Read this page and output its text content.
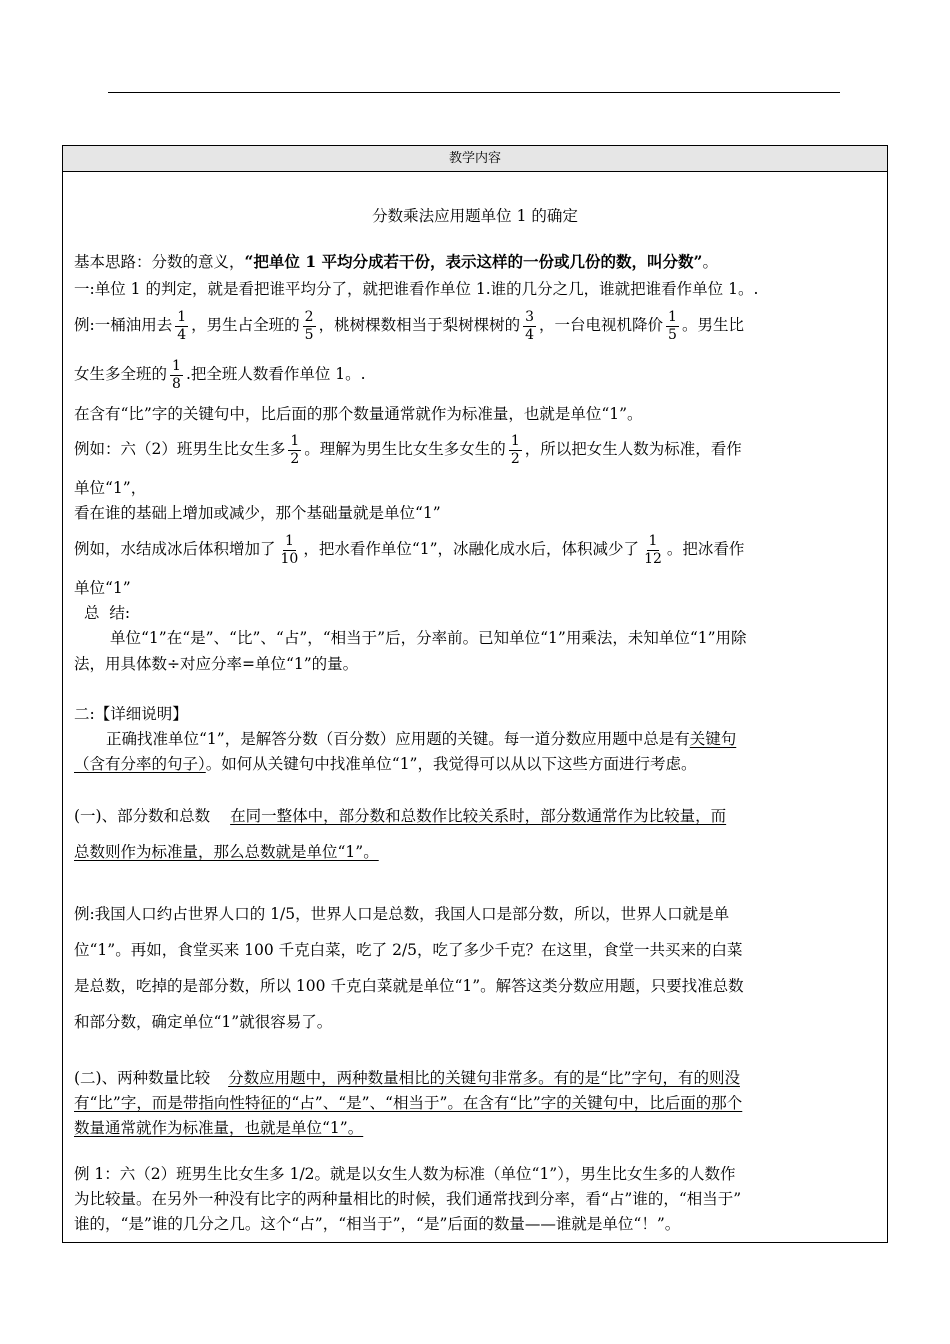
教学内容
分数乘法应用题单位 1 的确定
基本思路：分数的意义，“把单位 1 平均分成若干份，表示这样的一份或几份的数，叫分数”。
一:单位 1 的判定，就是看把谁平均分了，就把谁看作单位 1.谁的几分之几，谁就把谁看作单位 1。.
例:一桶油用去 $\frac{1}{4}$ ，男生占全班的 $\frac{2}{5}$ ，桃树棵数相当于梨树棵树的 $\frac{3}{4}$ ，一台电视机降价 $\frac{1}{5}$ 。男生比
女生多全班的 $\frac{1}{8}$ .把全班人数看作单位 1。.
在含有“比”字的关键句中，比后面的那个数量通常就作为标准量，也就是单位“1”。
例如：六（2）班男生比女生多 $\frac{1}{2}$ 。理解为男生比女生多女生的 $\frac{1}{2}$ ，所以把女生人数为标准，看作
单位“1”，
看在谁的基础上增加或减少，那个基础量就是单位“1”
例如，水结成冰后体积增加了 $\frac{1}{10}$ ，把水看作单位“1”，冰融化成水后，体积减少了 $\frac{1}{12}$ 。把冰看作
单位“1”
总  结:
单位“1”在“是”、“比”、“占”，“相当于”后，分率前。已知单位“1”用乘法，未知单位“1”用除
法，用具体数÷对应分率=单位“1”的量。
二:【详细说明】
正确找准单位“1”，是解答分数（百分数）应用题的关键。每一道分数应用题中总是有关键句
（含有分率的句子）。如何从关键句中找准单位“1”，我觉得可以从以下这些方面进行考虑。
(一)、部分数和总数 在同一整体中，部分数和总数作比较关系时，部分数通常作为比较量，而
总数则作为标准量，那么总数就是单位“1”。
例:我国人口约占世界人口的 1/5，世界人口是总数，我国人口是部分数，所以，世界人口就是单
位“1”。再如，食堂买来 100 千克白菜，吃了 2/5，吃了多少千克？在这里，食堂一共买来的白菜
是总数，吃掉的是部分数，所以 100 千克白菜就是单位“1”。解答这类分数应用题，只要找准总数
和部分数，确定单位“1”就很容易了。
(二)、两种数量比较 分数应用题中，两种数量相比的关键句非常多。有的是“比”字句，有的则没
有“比”字，而是带指向性特征的“占”、“是”、“相当于”。在含有“比”字的关键句中，比后面的那个
数量通常就作为标准量，也就是单位“1”。
例 1：六（2）班男生比女生多 1/2。就是以女生人数为标准（单位“1”），男生比女生多的人数作
为比较量。在另外一种没有比字的两种量相比的时候，我们通常找到分率，看“占”谁的，“相当于”
谁的，“是”谁的几分之几。这个“占”，“相当于”，“是”后面的数量——谁就是单位“！”。
